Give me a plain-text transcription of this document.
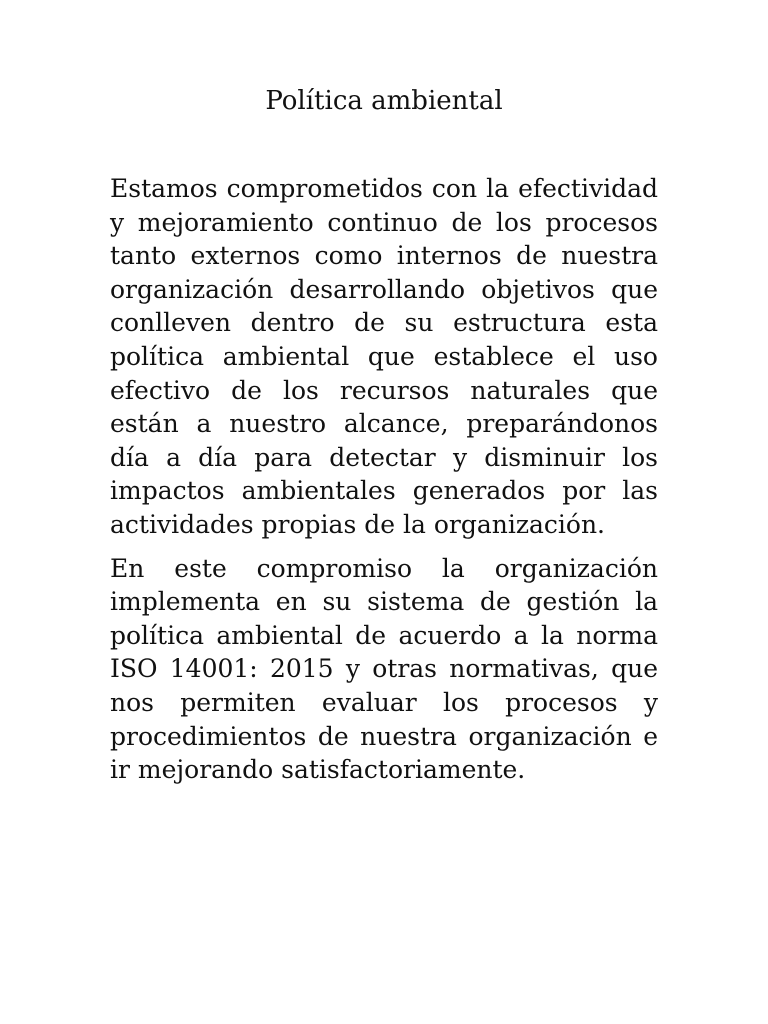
Política ambiental

Estamos comprometidos con la efectividad y mejoramiento continuo de los procesos tanto externos como internos de nuestra organización desarrollando objetivos que conlleven dentro de su estructura esta política ambiental que establece el uso efectivo de los recursos naturales que están a nuestro alcance, preparándonos día a día para detectar y disminuir los impactos ambientales generados por las actividades propias de la organización.

En este compromiso la organización implementa en su sistema de gestión la política ambiental de acuerdo a la norma ISO 14001: 2015 y otras normativas, que nos permiten evaluar los procesos y procedimientos de nuestra organización e ir mejorando satisfactoriamente.
